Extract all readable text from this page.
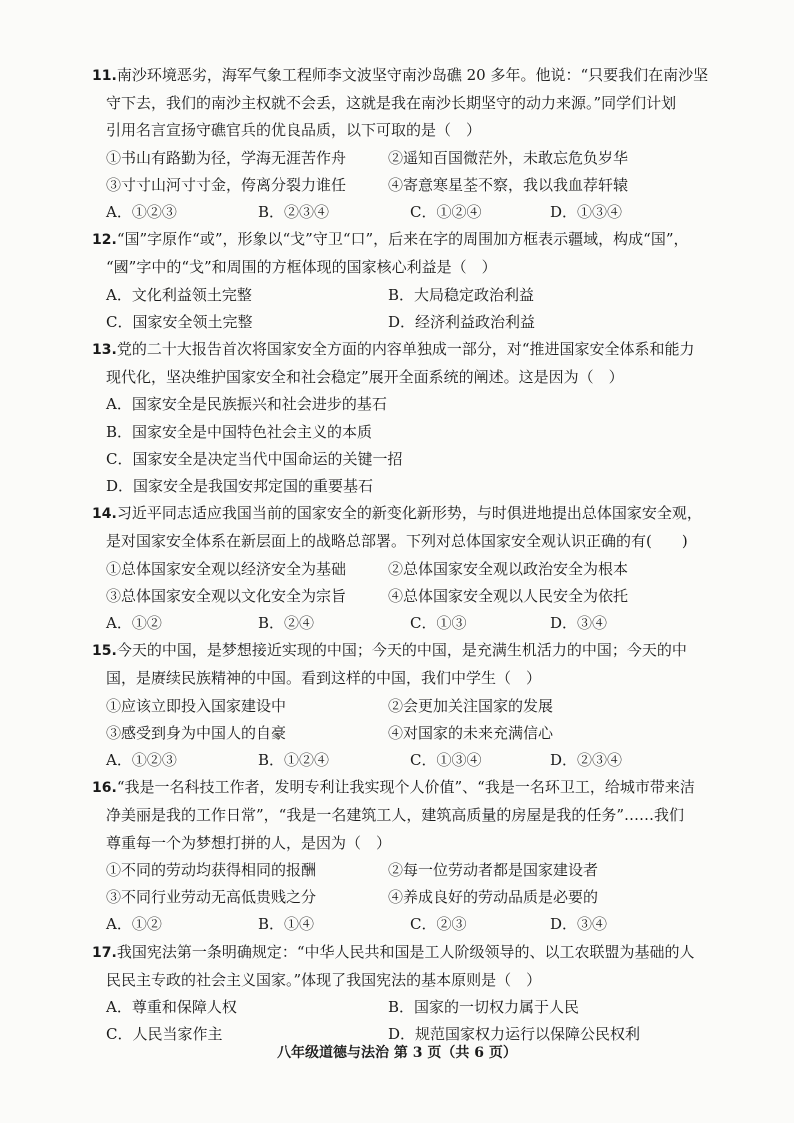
11.南沙环境恶劣，海军气象工程师李文波坚守南沙岛礁 20 多年。他说：“只要我们在南沙坚
守下去，我们的南沙主权就不会丢，这就是我在南沙长期坚守的动力来源。”同学们计划
引用名言宣扬守礁官兵的优良品质，以下可取的是（　）
①书山有路勤为径，学海无涯苦作舟	②遥知百国微茫外，未敢忘危负岁华
③寸寸山河寸寸金，侉离分裂力谁任	④寄意寒星荃不察，我以我血荐轩辕
A．①②③	B．②③④	C．①②④	D．①③④
12.“国”字原作“或”，形象以“戈”守卫“口”，后来在字的周围加方框表示疆域，构成“国”，
“國”字中的“戈”和周围的方框体现的国家核心利益是（　）
A．文化利益领土完整	B．大局稳定政治利益
C．国家安全领土完整	D．经济利益政治利益
13.党的二十大报告首次将国家安全方面的内容单独成一部分，对“推进国家安全体系和能力
现代化，坚决维护国家安全和社会稳定”展开全面系统的阐述。这是因为（　）
A．国家安全是民族振兴和社会进步的基石
B．国家安全是中国特色社会主义的本质
C．国家安全是决定当代中国命运的关键一招
D．国家安全是我国安邦定国的重要基石
14.习近平同志适应我国当前的国家安全的新变化新形势，与时俱进地提出总体国家安全观，
是对国家安全体系在新层面上的战略总部署。下列对总体国家安全观认识正确的有(　　)
①总体国家安全观以经济安全为基础	②总体国家安全观以政治安全为根本
③总体国家安全观以文化安全为宗旨	④总体国家安全观以人民安全为依托
A．①②	B．②④	C．①③	D．③④
15.今天的中国，是梦想接近实现的中国；今天的中国，是充满生机活力的中国；今天的中
国，是赓续民族精神的中国。看到这样的中国，我们中学生（　）
①应该立即投入国家建设中	②会更加关注国家的发展
③感受到身为中国人的自豪	④对国家的未来充满信心
A．①②③	B．①②④	C．①③④	D．②③④
16.“我是一名科技工作者，发明专利让我实现个人价值”、“我是一名环卫工，给城市带来洁
净美丽是我的工作日常”，“我是一名建筑工人，建筑高质量的房屋是我的任务”……我们
尊重每一个为梦想打拼的人，是因为（　）
①不同的劳动均获得相同的报酬	②每一位劳动者都是国家建设者
③不同行业劳动无高低贵贱之分	④养成良好的劳动品质是必要的
A．①②	B．①④	C．②③	D．③④
17.我国宪法第一条明确规定：“中华人民共和国是工人阶级领导的、以工农联盟为基础的人
民民主专政的社会主义国家。”体现了我国宪法的基本原则是（　）
A．尊重和保障人权	B．国家的一切权力属于人民
C．人民当家作主	D．规范国家权力运行以保障公民权利
八年级道德与法治 第 3 页（共 6 页）
